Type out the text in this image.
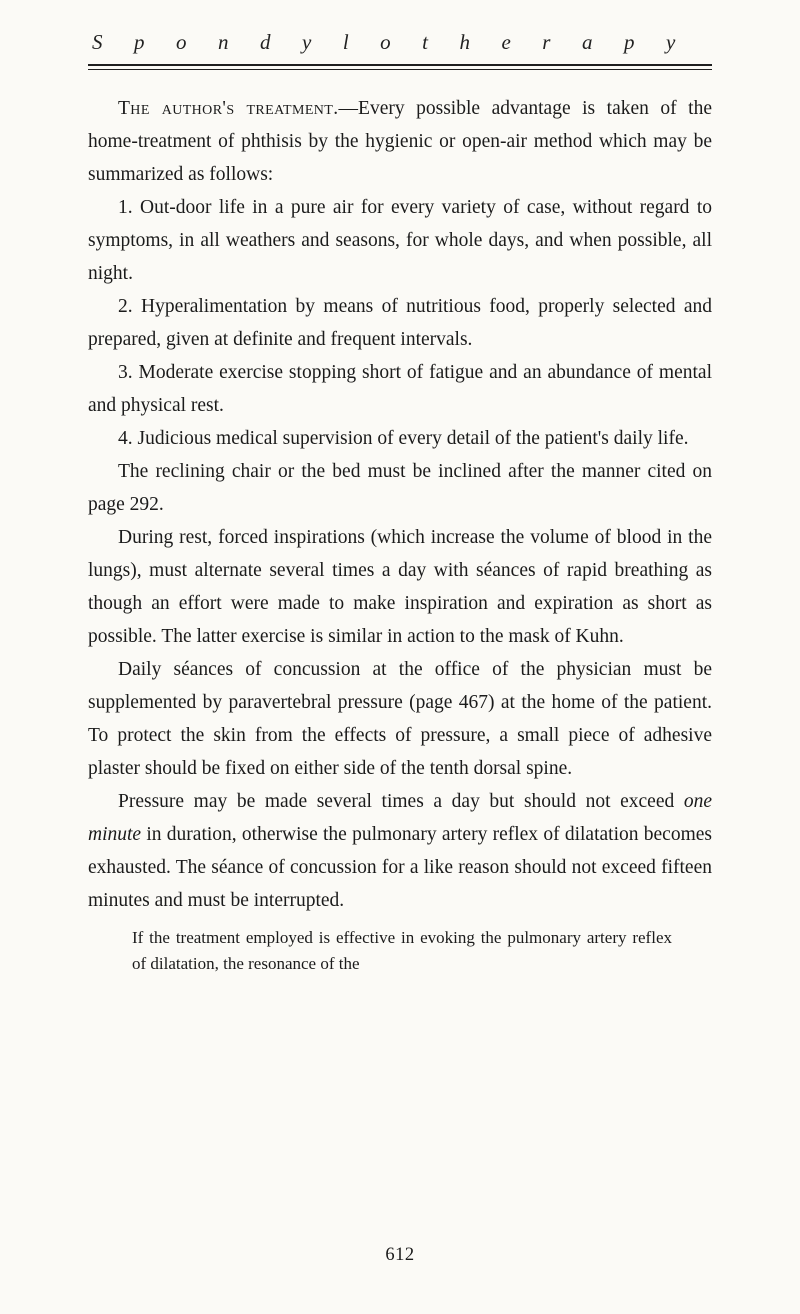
Spondylotherapy

The author's treatment.—Every possible advantage is taken of the home-treatment of phthisis by the hygienic or open-air method which may be summarized as follows:

1. Out-door life in a pure air for every variety of case, without regard to symptoms, in all weathers and seasons, for whole days, and when possible, all night.

2. Hyperalimentation by means of nutritious food, properly selected and prepared, given at definite and frequent intervals.

3. Moderate exercise stopping short of fatigue and an abundance of mental and physical rest.

4. Judicious medical supervision of every detail of the patient's daily life.

The reclining chair or the bed must be inclined after the manner cited on page 292.

During rest, forced inspirations (which increase the volume of blood in the lungs), must alternate several times a day with séances of rapid breathing as though an effort were made to make inspiration and expiration as short as possible. The latter exercise is similar in action to the mask of Kuhn.

Daily séances of concussion at the office of the physician must be supplemented by paravertebral pressure (page 467) at the home of the patient. To protect the skin from the effects of pressure, a small piece of adhesive plaster should be fixed on either side of the tenth dorsal spine.

Pressure may be made several times a day but should not exceed one minute in duration, otherwise the pulmonary artery reflex of dilatation becomes exhausted. The séance of concussion for a like reason should not exceed fifteen minutes and must be interrupted.

If the treatment employed is effective in evoking the pulmonary artery reflex of dilatation, the resonance of the

612
